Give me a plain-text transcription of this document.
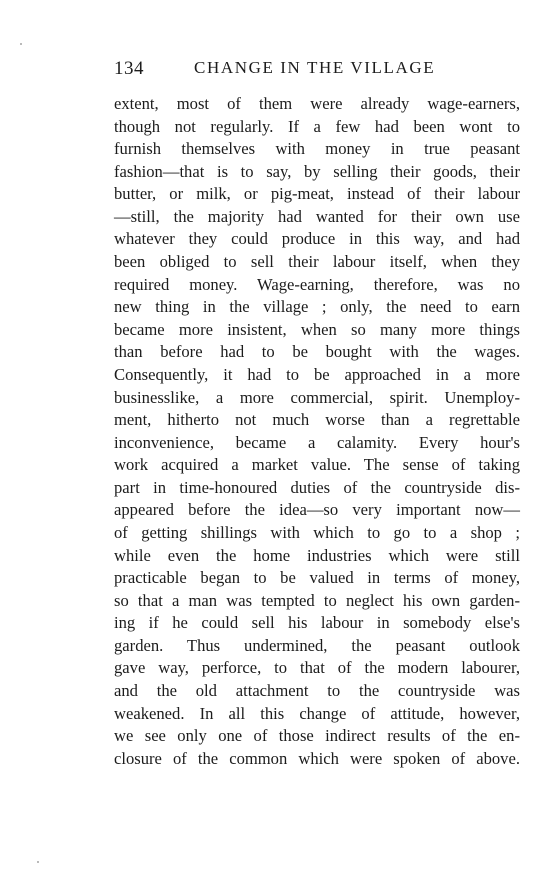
134	CHANGE IN THE VILLAGE
extent, most of them were already wage-earners,
though not regularly. If a few had been wont to
furnish themselves with money in true peasant
fashion—that is to say, by selling their goods, their
butter, or milk, or pig-meat, instead of their labour
—still, the majority had wanted for their own use
whatever they could produce in this way, and had
been obliged to sell their labour itself, when they
required money. Wage-earning, therefore, was no
new thing in the village ; only, the need to earn
became more insistent, when so many more things
than before had to be bought with the wages.
Consequently, it had to be approached in a more
businesslike, a more commercial, spirit. Unemploy-
ment, hitherto not much worse than a regrettable
inconvenience, became a calamity. Every hour's
work acquired a market value. The sense of taking
part in time-honoured duties of the countryside dis-
appeared before the idea—so very important now—
of getting shillings with which to go to a shop ;
while even the home industries which were still
practicable began to be valued in terms of money,
so that a man was tempted to neglect his own garden-
ing if he could sell his labour in somebody else's
garden. Thus undermined, the peasant outlook
gave way, perforce, to that of the modern labourer,
and the old attachment to the countryside was
weakened. In all this change of attitude, however,
we see only one of those indirect results of the en-
closure of the common which were spoken of above.
